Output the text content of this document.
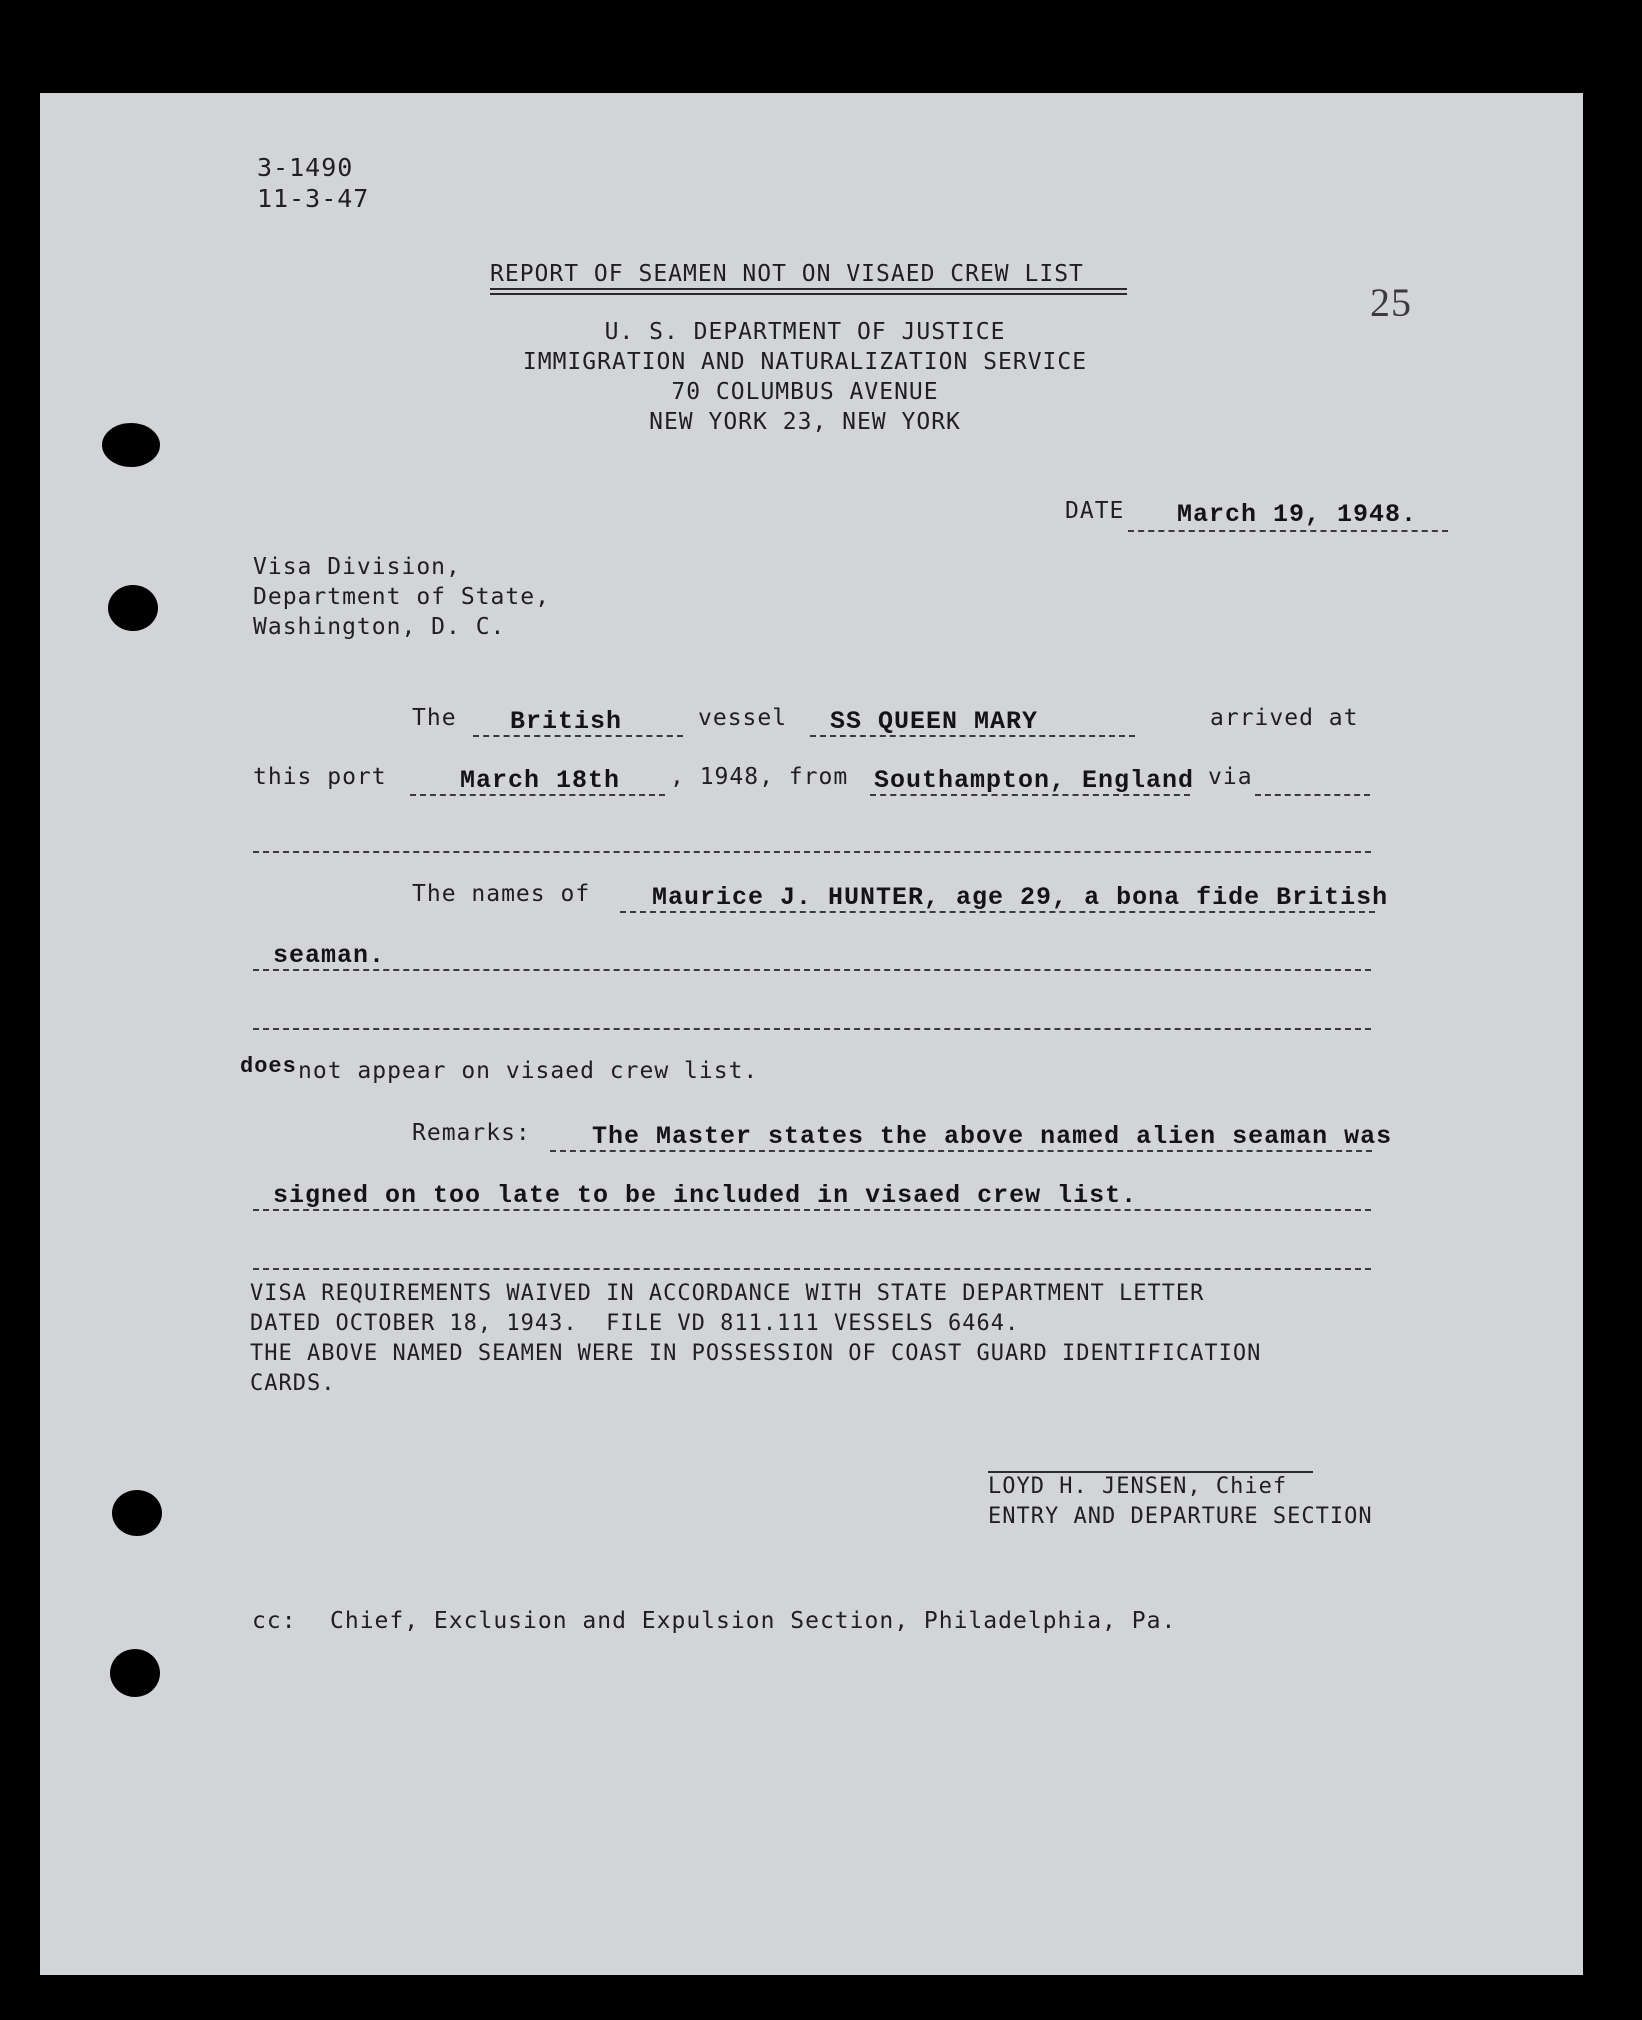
3-1490
11-3-47
25
REPORT OF SEAMEN NOT ON VISAED CREW LIST
U. S. DEPARTMENT OF JUSTICE
IMMIGRATION AND NATURALIZATION SERVICE
70 COLUMBUS AVENUE
NEW YORK 23, NEW YORK
DATE March 19, 1948.
Visa Division,
Department of State,
Washington, D. C.
The British	vessel SS QUEEN MARY	arrived at
this port	March 18th , 1948, from Southampton, England via
The names of Maurice J. HUNTER, age 29, a bona fide British
seaman.
does not appear on visaed crew list.
Remarks: The Master states the above named alien seaman was
signed on too late to be included in visaed crew list.
VISA REQUIREMENTS WAIVED IN ACCORDANCE WITH STATE DEPARTMENT LETTER
DATED OCTOBER 18, 1943.  FILE VD 811.111 VESSELS 6464.
THE ABOVE NAMED SEAMEN WERE IN POSSESSION OF COAST GUARD IDENTIFICATION
CARDS.
LOYD H. JENSEN, Chief
ENTRY AND DEPARTURE SECTION
cc: Chief, Exclusion and Expulsion Section, Philadelphia, Pa.
